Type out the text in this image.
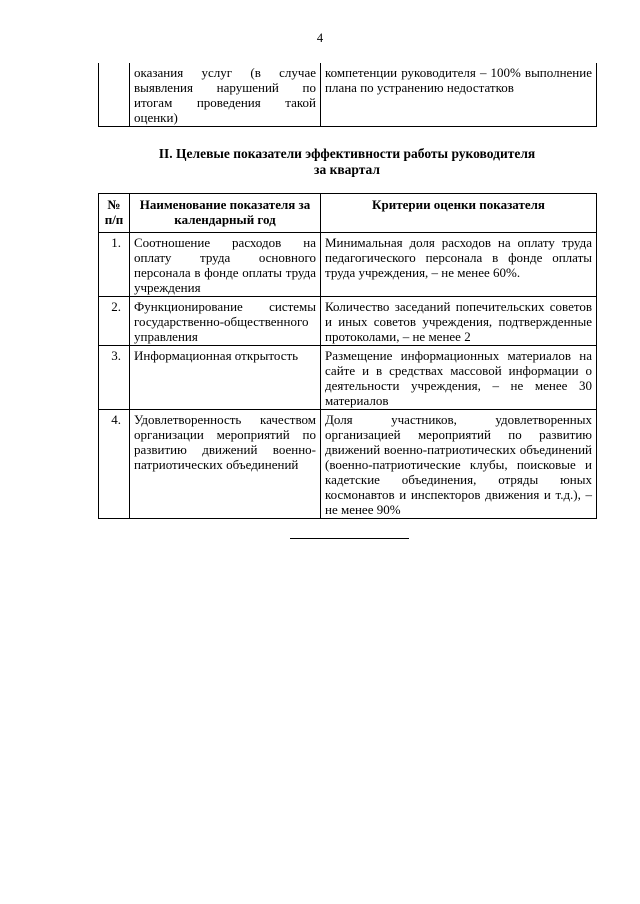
4
	оказания услуг (в случае выявления нарушений по итогам проведения такой оценки)	компетенции руководителя – 100% выполнение плана по устранению недостатков
II. Целевые показатели эффективности работы руководителя
за квартал
№ п/п	Наименование показателя за календарный год	Критерии оценки показателя
1.	Соотношение расходов на оплату труда основного персонала в фонде оплаты труда учреждения	Минимальная доля расходов на оплату труда педагогического персонала в фонде оплаты труда учреждения, – не менее 60%.
2.	Функционирование системы государственно-общественного управления	Количество заседаний попечительских советов и иных советов учреждения, подтвержденные протоколами, – не менее 2
3.	Информационная открытость	Размещение информационных материалов на сайте и в средствах массовой информации о деятельности учреждения, – не менее 30 материалов
4.	Удовлетворенность качеством организации мероприятий по развитию движений военно-патриотических объединений	Доля участников, удовлетворенных организацией мероприятий по развитию движений военно-патриотических объединений (военно-патриотические клубы, поисковые и кадетские объединения, отряды юных космонавтов и инспекторов движения и т.д.), – не менее 90%
